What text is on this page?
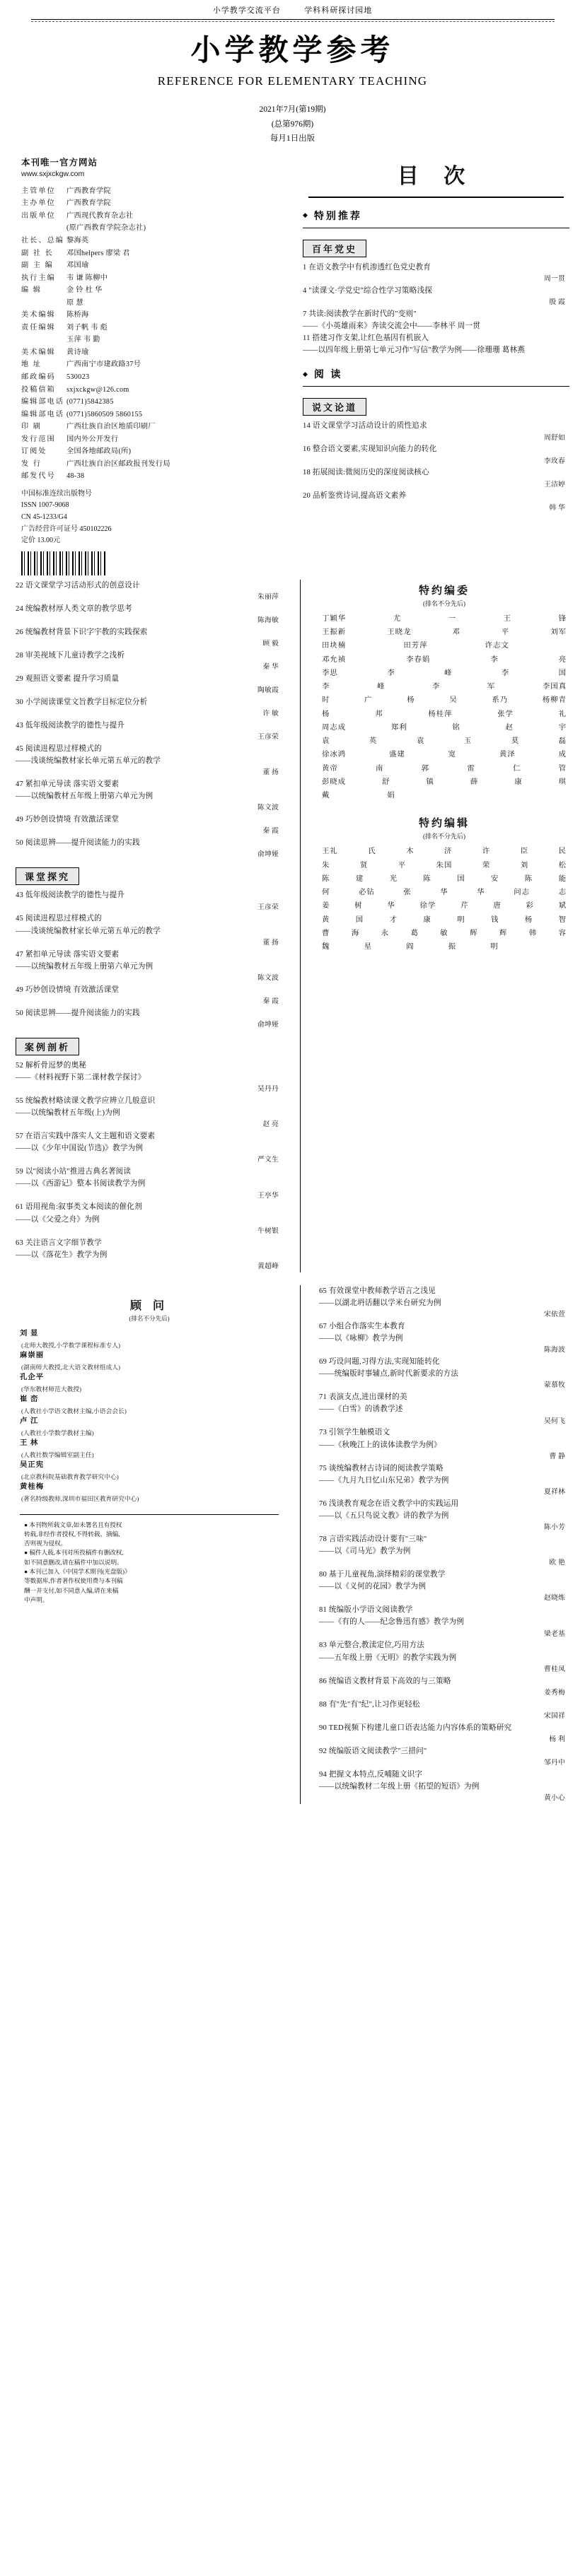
小学教学交流平台	学科科研探讨园地
小学教学参考
REFERENCE FOR ELEMENTARY TEACHING
2021年7月(第19期)
(总第976期)
每月1日出版
本刊唯一官方网站
www.sxjxckgw.com
主管单位 广西教育学院
主办单位 广西教育学院
出版单位 广西现代教育杂志社
(原广西教育学院杂志社)
社长、总编 黎海英
副 社 长 邓国helpers 廖梁 君
副 主 编 邓国瑜
执行主编 韦 谦 陈柳中
编 辑	金 铃 杜 华
原 慧
美术编辑 陈桥海
责任编辑 刘子帆 韦 彪
玉萍 韦 勤
美术编辑 黄诗瑜
地 址	广西南宁市建政路37号
邮政编码 530023
投稿信箱 sxjxckgw@126.com
编辑部电话 (0771)5842385
编辑部电话 (0771)5860509 5860155
印 刷	广西壮族自治区地质印刷厂
发行范围 国内外公开发行
订阅处	全国各地邮政局(所)
发 行	广西壮族自治区邮政报刊发行局
邮发代号 48-38
中国标准连续出版物号
ISSN 1007-9068
CN 45-1233/G4
广告经营许可证号 450102226
定价 13.00元
目 次
◆ 特别推荐
百年党史
1 在语文教学中有机渗透红色党史教育
周一贯
4 "读课文·学党史"综合性学习策略浅探
殷 霞
7 共读:阅读教学在新时代的"变则"
——《小英雄雨来》奔读交流会中——李林平 周一贯
11 搭建习作支架,让红色基因有机嵌入
——以四年级上册第七单元习作"写信"教学为例——徐珊珊 葛林燕
◆ 阅 读
说文论道
14 语文课堂学习活动设计的质性追求
周舒如
16 整合语文要素,实现知识向能力的转化
李玫春
18 拓展阅读:微阅历史的深度阅读核心
王洁婷
20 品析鉴赏诗词,提高语文素养
韩 华
22 语文课堂学习活动形式的创意设计
朱丽萍
24 统编教材厚人类文章的教学思考
陈海敏
26 统编教材背景下识字宇教的实践探索
顾 毅
28 审美视域下儿童诗教学之浅析
秦 华
29 观照语文要素 提升学习质量
陶敏霞
30 小学阅读课堂文旨教学目标定位分析
许 敏
43 低年级阅读教学的德性与提升
王彦荣
45 阅读进程思过样模式的
——浅谈统编教材家长单元第五单元的教学
董 扬
47 紧扣单元导读 落实语文要素
——以统编教材五年级上册第六单元为例
陈文波
49 巧妙创设情境 有效激活课堂
秦 霞
50 阅读思辨——提升阅读能力的实践
俞坤娅
课堂探究
43 低年级阅读教学的德性与提升
王彦荣
45 阅读进程思过样模式的
——浅谈统编教材家长单元第五单元的教学
董 扬
47 紧扣单元导读 落实语文要素
——以统编教材五年级上册第六单元为例
陈文波
49 巧妙创设情境 有效激活课堂
秦 霞
50 阅读思辨——提升阅读能力的实践
俞坤娅
案例剖析
52 解析骨逗梦的奥秘
——《材料视野下第二课材教学探讨》
吴丹丹
55 统编教材略读课文教学应辨立几般意识
——以统编教材五年级(上)为例
赵 亮
57 在语言实践中落实人文主题和语文要素
——以《少年中国说(节选)》教学为例
严文生
59 以"阅读小站"推进古典名著阅读
——以《西游记》整本书阅读教学为例
王亭华
61 语用视角:叙事类文本阅读的催化剂
——以《父爱之舟》为例
牛树银
63 关注语言文字细节教学
——以《落花生》教学为例
黄超峰
特约编委
(排名不分先后)
丁颖华	尤	一	王	锋
王振新	王晓龙	邓	平	刘军
田块楠	田芳萍	许志文
邓允祯	李春娟	李	亮
李思	李	峰	李	国
李	峰	李	军	李国真
时	广	杨	吴	系乃	杨柳青
杨	邦	杨桂萍	张学	礼
周志成	郑利	铭	赵	宇
袁	英	袁	玉	莫	磊
徐冰鸿	盛建	宽	黄泽	成
黄帝	南	郭	雷	仁	管
彭晓成	舒	镇	薛	康	琪
戴	娟
特约编辑
(排名不分先后)
王礼	氏	木	济	许	臣	民
朱	贤	平	朱国	荣	刘	松
陈	建	光	陈	国	安	陈	能
何	必钻	张	华	华	问志	志
姜	树	华	徐学	芹	唐	彩	斌
黄	国	才	康	明	钱	杨	智
曹	海	永	葛	敏	辉	辉	韩	容
魏	星	阎	振	明
顾 问
(排名不分先后)
刘 显
(北师大教授,小学数学课程标准专人)
麻崇丽
(湖南师大教授,北大语文教材组成人)
孔企平
(华东教材师范大教授)
崔 峦
(人教社小学语文教材主编,小语会会长)
卢 江
(人教社小学数学教材主编)
王 林
(人教社数学编辑室副主任)
吴正宪
(北京教科院基础教育教学研究中心)
黄桂梅
(著名特级教师,深圳市福田区教育研究中心)
● 本刊物所载文章,如未署名且有授权
转载,非经作者授权,不得转载、摘编,
否则视为侵权。
● 稿件人载,本刊对所投稿件有删改权,
如不同意删改,请在稿件中加以说明。
● 本刊已加入《中国学术期刊(光盘版)》
等数据库,作者著作权使用费与本刊稿
酬一并支付,如不同意入编,请在来稿
中声明。
65 有效课堂中教师教学语言之浅见
——以湖北坍话翻以学米台研究为例
宋依萱
67 小组合作落实生本教育
——以《咏柳》教学为例
陈海波
69 巧设问题,习得方法,实现知能转化
——统编版时事辅点,新时代新要求的方法
蒙慕牧
71 表演支点,进出课材的美
——《白雪》的诱教学述
吴何飞
73 引领学生触模语文
——《秋晚江上的读体读教学为例》
曹 静
75 谈统编教材古诗词的阅读教学策略
——《九月九日忆山东兄弟》教学为例
夏祥林
76 浅谈教育观念在语文教学中的实践运用
——以《五只鸟说文教》讲的教学为例
陈小芳
78 言语实践活动设计要有"三味"
——以《司马光》教学为例
欧 艳
80 基于儿童视角,演绎精彩的课堂教学
——以《义何的花园》教学为例
赵晓炼
81 统编版小学语文阅读教学
——《有的人——纪念鲁迅有感》教学为例
梁老基
83 单元整合,教渎定位,巧用方法
——五年级上册《无明》的教学实践为例
曹桂凤
86 统编语文教材背景下高效的与三策略
姜秀梅
88 有"先"有"纪",让习作更轻松
宋国祥
90 TED视频下构建儿童口语表达能力内容体系的策略研究
杨 利
92 统编版语文阅读教学"三措问"
邹丹中
94 把握文本特点,反哺随文识字
——以统编教材二年级上册《拓望的短语》为例
黄小心
